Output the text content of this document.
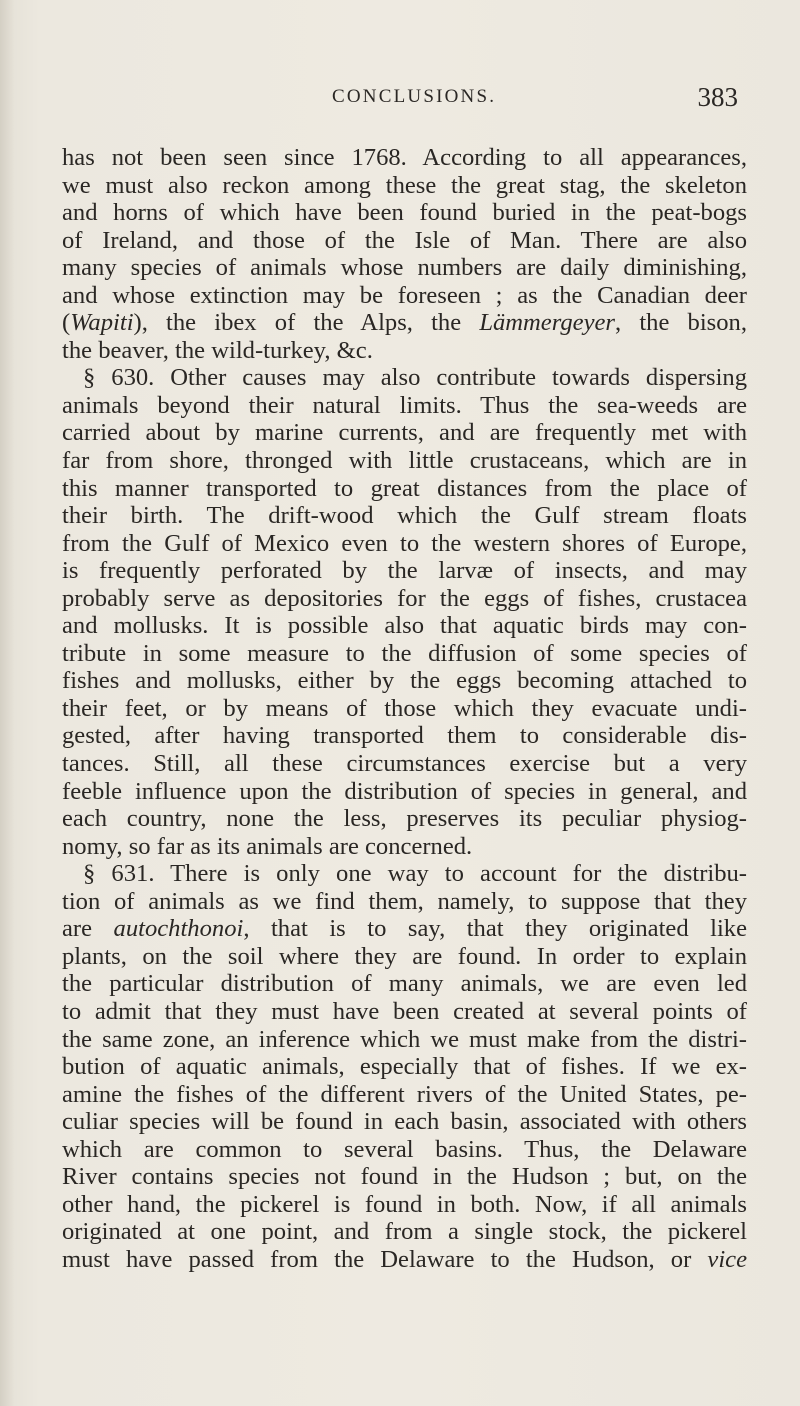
CONCLUSIONS.	383
has not been seen since 1768. According to all appearances,
we must also reckon among these the great stag, the skeleton
and horns of which have been found buried in the peat-bogs
of Ireland, and those of the Isle of Man. There are also
many species of animals whose numbers are daily diminishing,
and whose extinction may be foreseen ; as the Canadian deer
(Wapiti), the ibex of the Alps, the Lämmergeyer, the bison,
the beaver, the wild-turkey, &c.
§ 630. Other causes may also contribute towards dispersing
animals beyond their natural limits. Thus the sea-weeds are
carried about by marine currents, and are frequently met with
far from shore, thronged with little crustaceans, which are in
this manner transported to great distances from the place of
their birth. The drift-wood which the Gulf stream floats
from the Gulf of Mexico even to the western shores of Europe,
is frequently perforated by the larvæ of insects, and may
probably serve as depositories for the eggs of fishes, crustacea
and mollusks. It is possible also that aquatic birds may con-
tribute in some measure to the diffusion of some species of
fishes and mollusks, either by the eggs becoming attached to
their feet, or by means of those which they evacuate undi-
gested, after having transported them to considerable dis-
tances. Still, all these circumstances exercise but a very
feeble influence upon the distribution of species in general, and
each country, none the less, preserves its peculiar physiog-
nomy, so far as its animals are concerned.
§ 631. There is only one way to account for the distribu-
tion of animals as we find them, namely, to suppose that they
are autochthonoi, that is to say, that they originated like
plants, on the soil where they are found. In order to explain
the particular distribution of many animals, we are even led
to admit that they must have been created at several points of
the same zone, an inference which we must make from the distri-
bution of aquatic animals, especially that of fishes. If we ex-
amine the fishes of the different rivers of the United States, pe-
culiar species will be found in each basin, associated with others
which are common to several basins. Thus, the Delaware
River contains species not found in the Hudson ; but, on the
other hand, the pickerel is found in both. Now, if all animals
originated at one point, and from a single stock, the pickerel
must have passed from the Delaware to the Hudson, or vice
